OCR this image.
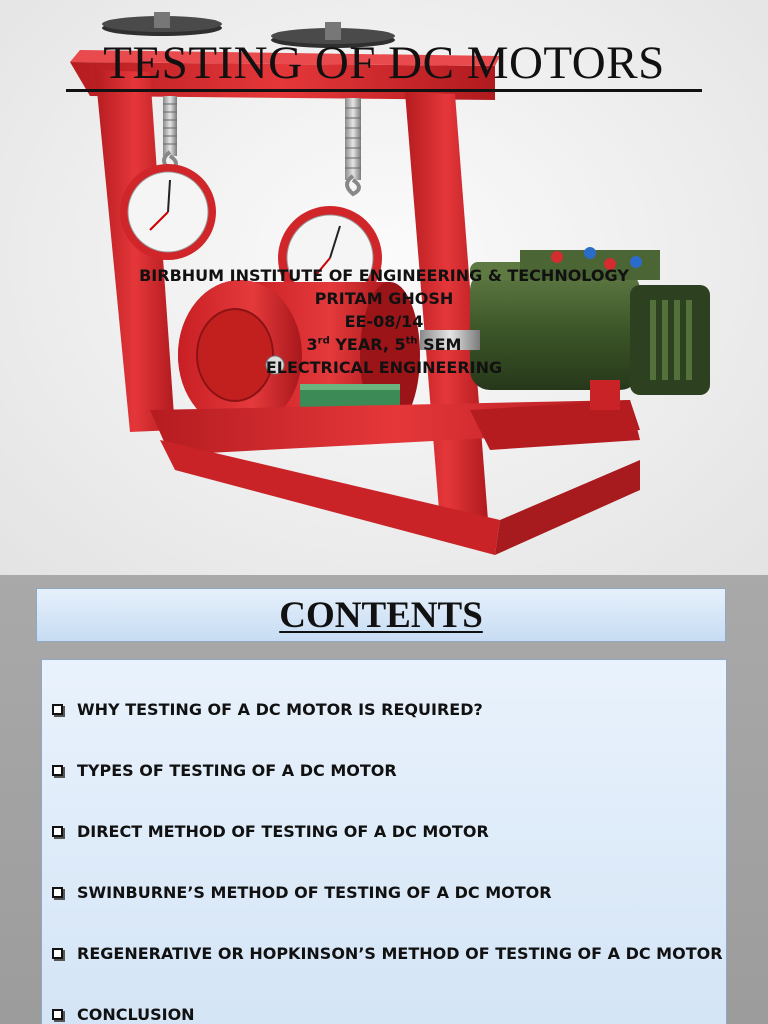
TESTING OF DC MOTORS
BIRBHUM INSTITUTE OF ENGINEERING & TECHNOLOGY
PRITAM GHOSH
EE-08/14
3rd YEAR, 5th SEM
ELECTRICAL ENGINEERING
CONTENTS
WHY TESTING OF A DC MOTOR IS REQUIRED?
TYPES OF TESTING OF A DC MOTOR
DIRECT METHOD OF TESTING OF A DC MOTOR
SWINBURNE’S METHOD OF TESTING OF A DC MOTOR
REGENERATIVE OR HOPKINSON’S METHOD OF TESTING OF A DC MOTOR
CONCLUSION
